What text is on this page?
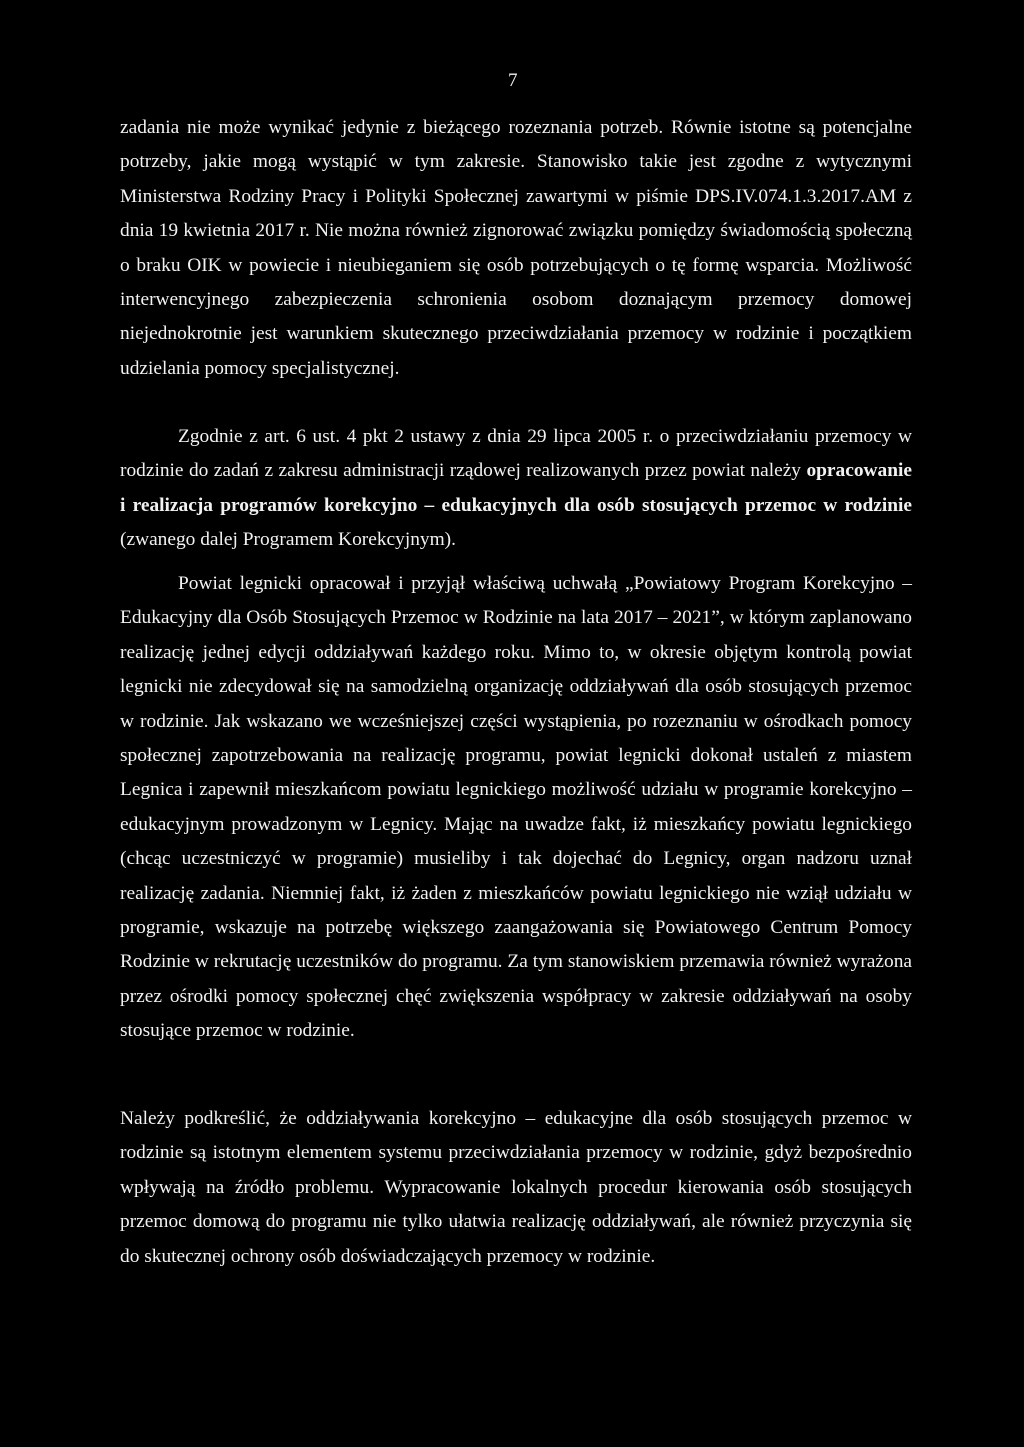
7

zadania nie może wynikać jedynie z bieżącego rozeznania potrzeb. Równie istotne są potencjalne potrzeby, jakie mogą wystąpić w tym zakresie. Stanowisko takie jest zgodne z wytycznymi Ministerstwa Rodziny Pracy i Polityki Społecznej zawartymi w piśmie DPS.IV.074.1.3.2017.AM z dnia 19 kwietnia 2017 r. Nie można również zignorować związku pomiędzy świadomością społeczną o braku OIK w powiecie i nieubieganiem się osób potrzebujących o tę formę wsparcia. Możliwość interwencyjnego zabezpieczenia schronienia osobom doznającym przemocy domowej niejednokrotnie jest warunkiem skutecznego przeciwdziałania przemocy w rodzinie i początkiem udzielania pomocy specjalistycznej.

Zgodnie z art. 6 ust. 4 pkt 2 ustawy z dnia 29 lipca 2005 r. o przeciwdziałaniu przemocy w rodzinie do zadań z zakresu administracji rządowej realizowanych przez powiat należy opracowanie i realizacja programów korekcyjno – edukacyjnych dla osób stosujących przemoc w rodzinie (zwanego dalej Programem Korekcyjnym).

Powiat legnicki opracował i przyjął właściwą uchwałą „Powiatowy Program Korekcyjno – Edukacyjny dla Osób Stosujących Przemoc w Rodzinie na lata 2017 – 2021”, w którym zaplanowano realizację jednej edycji oddziaływań każdego roku. Mimo to, w okresie objętym kontrolą powiat legnicki nie zdecydował się na samodzielną organizację oddziaływań dla osób stosujących przemoc w rodzinie. Jak wskazano we wcześniejszej części wystąpienia, po rozeznaniu w ośrodkach pomocy społecznej zapotrzebowania na realizację programu, powiat legnicki dokonał ustaleń z miastem Legnica i zapewnił mieszkańcom powiatu legnickiego możliwość udziału w programie korekcyjno – edukacyjnym prowadzonym w Legnicy. Mając na uwadze fakt, iż mieszkańcy powiatu legnickiego (chcąc uczestniczyć w programie) musieliby i tak dojechać do Legnicy, organ nadzoru uznał realizację zadania. Niemniej fakt, iż żaden z mieszkańców powiatu legnickiego nie wziął udziału w programie, wskazuje na potrzebę większego zaangażowania się Powiatowego Centrum Pomocy Rodzinie w rekrutację uczestników do programu. Za tym stanowiskiem przemawia również wyrażona przez ośrodki pomocy społecznej chęć zwiększenia współpracy w zakresie oddziaływań na osoby stosujące przemoc w rodzinie.

Należy podkreślić, że oddziaływania korekcyjno – edukacyjne dla osób stosujących przemoc w rodzinie są istotnym elementem systemu przeciwdziałania przemocy w rodzinie, gdyż bezpośrednio wpływają na źródło problemu. Wypracowanie lokalnych procedur kierowania osób stosujących przemoc domową do programu nie tylko ułatwia realizację oddziaływań, ale również przyczynia się do skutecznej ochrony osób doświadczających przemocy w rodzinie.
